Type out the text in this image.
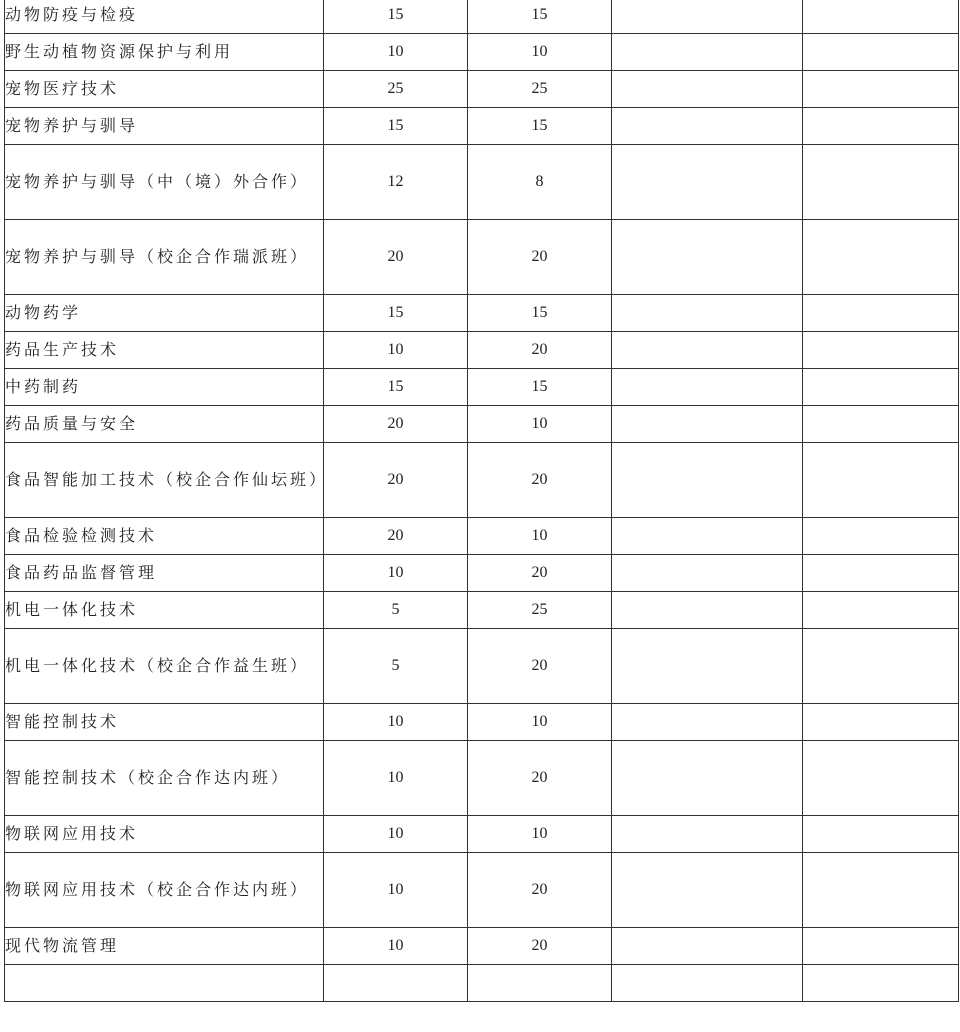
动物防疫与检疫	15	15		
野生动植物资源保护与利用	10	10		
宠物医疗技术	25	25		
宠物养护与驯导	15	15		
宠物养护与驯导（中（境）外合作）	12	8		
宠物养护与驯导（校企合作瑞派班）	20	20		
动物药学	15	15		
药品生产技术	10	20		
中药制药	15	15		
药品质量与安全	20	10		
食品智能加工技术（校企合作仙坛班）	20	20		
食品检验检测技术	20	10		
食品药品监督管理	10	20		
机电一体化技术	5	25		
机电一体化技术（校企合作益生班）	5	20		
智能控制技术	10	10		
智能控制技术（校企合作达内班）	10	20		
物联网应用技术	10	10		
物联网应用技术（校企合作达内班）	10	20		
现代物流管理	10	20		
